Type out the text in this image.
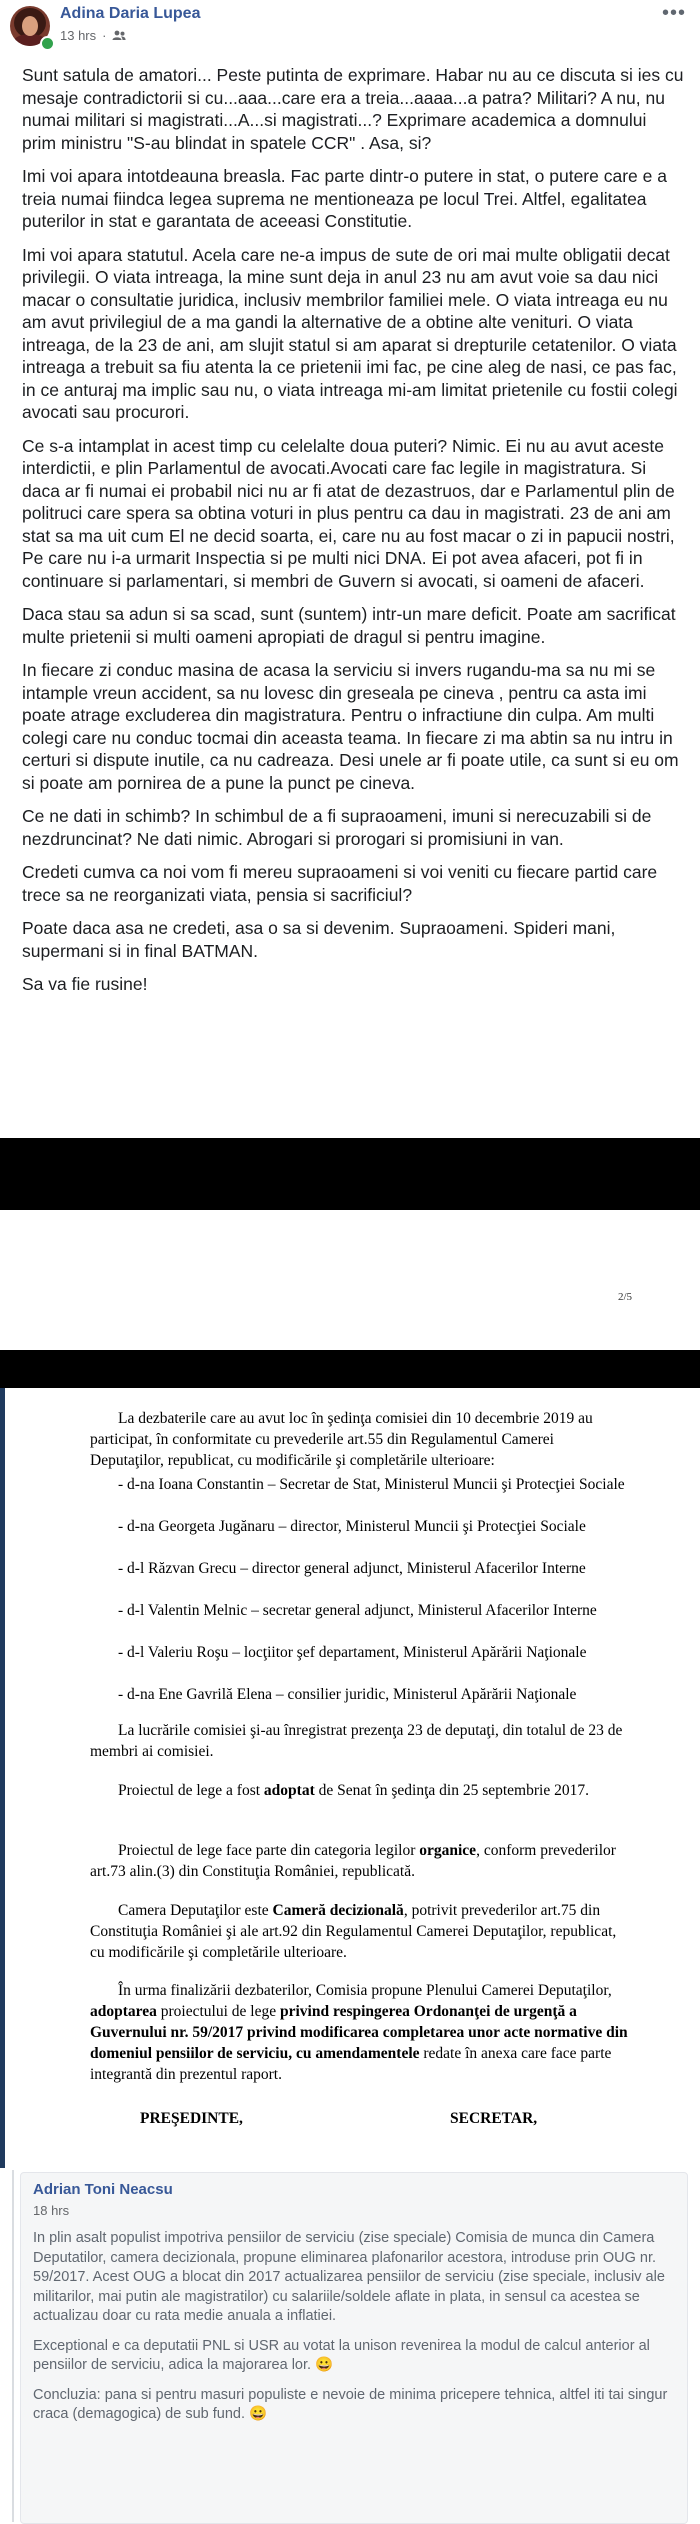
Adina Daria Lupea
13 hrs ·
•••

Sunt satula de amatori... Peste putinta de exprimare. Habar nu au ce discuta si ies cu mesaje contradictorii si cu...aaa...care era a treia...aaaa...a patra? Militari? A nu, nu numai militari si magistrati...A...si magistrati...? Exprimare academica a domnului prim ministru "S-au blindat in spatele CCR" . Asa, si?

Imi voi apara intotdeauna breasla. Fac parte dintr-o putere in stat, o putere care e a treia numai fiindca legea suprema ne mentioneaza pe locul Trei. Altfel, egalitatea puterilor in stat e garantata de aceeasi Constitutie.

Imi voi apara statutul. Acela care ne-a impus de sute de ori mai multe obligatii decat privilegii. O viata intreaga, la mine sunt deja in anul 23 nu am avut voie sa dau nici macar o consultatie juridica, inclusiv membrilor familiei mele. O viata intreaga eu nu am avut privilegiul de a ma gandi la alternative de a obtine alte venituri. O viata intreaga, de la 23 de ani, am slujit statul si am aparat si drepturile cetatenilor. O viata intreaga a trebuit sa fiu atenta la ce prietenii imi fac, pe cine aleg de nasi, ce pas fac, in ce anturaj ma implic sau nu, o viata intreaga mi-am limitat prietenile cu fostii colegi avocati sau procurori.

Ce s-a intamplat in acest timp cu celelalte doua puteri? Nimic. Ei nu au avut aceste interdictii, e plin Parlamentul de avocati.Avocati care fac legile in magistratura. Si daca ar fi numai ei probabil nici nu ar fi atat de dezastruos, dar e Parlamentul plin de politruci care spera sa obtina voturi in plus pentru ca dau in magistrati. 23 de ani am stat sa ma uit cum El ne decid soarta, ei, care nu au fost macar o zi in papucii nostri, Pe care nu i-a urmarit Inspectia si pe multi nici DNA. Ei pot avea afaceri, pot fi in continuare si parlamentari, si membri de Guvern si avocati, si oameni de afaceri.

Daca stau sa adun si sa scad, sunt (suntem) intr-un mare deficit. Poate am sacrificat multe prietenii si multi oameni apropiati de dragul si pentru imagine.

In fiecare zi conduc masina de acasa la serviciu si invers rugandu-ma sa nu mi se intample vreun accident, sa nu lovesc din greseala pe cineva , pentru ca asta imi poate atrage excluderea din magistratura. Pentru o infractiune din culpa. Am multi colegi care nu conduc tocmai din aceasta teama. In fiecare zi ma abtin sa nu intru in certuri si dispute inutile, ca nu cadreaza. Desi unele ar fi poate utile, ca sunt si eu om si poate am pornirea de a pune la punct pe cineva.

Ce ne dati in schimb? In schimbul de a fi supraoameni, imuni si nerecuzabili si de nezdruncinat? Ne dati nimic. Abrogari si prorogari si promisiuni in van.

Credeti cumva ca noi vom fi mereu supraoameni si voi veniti cu fiecare partid care trece sa ne reorganizati viata, pensia si sacrificiul?

Poate daca asa ne credeti, asa o sa si devenim. Supraoameni. Spideri mani, supermani si in final BATMAN.

Sa va fie rusine!

2/5
La dezbaterile care au avut loc în şedinţa comisiei din 10 decembrie 2019 au participat, în conformitate cu prevederile art.55 din Regulamentul Camerei Deputaţilor, republicat, cu modificările şi completările ulterioare:
- d-na Ioana Constantin – Secretar de Stat, Ministerul Muncii şi Protecţiei Sociale
- d-na Georgeta Jugănaru – director, Ministerul Muncii şi Protecţiei Sociale
- d-l Răzvan Grecu – director general adjunct, Ministerul Afacerilor Interne
- d-l Valentin Melnic – secretar general adjunct, Ministerul Afacerilor Interne
- d-l Valeriu Roşu – locţiitor şef departament, Ministerul Apărării Naţionale
- d-na Ene Gavrilă Elena – consilier juridic, Ministerul Apărării Naţionale
La lucrările comisiei şi-au înregistrat prezenţa 23 de deputaţi, din totalul de 23 de membri ai comisiei.
Proiectul de lege a fost adoptat de Senat în şedinţa din 25 septembrie 2017.
Proiectul de lege face parte din categoria legilor organice, conform prevederilor art.73 alin.(3) din Constituţia României, republicată.
Camera Deputaţilor este Cameră decizională, potrivit prevederilor art.75 din Constituţia României şi ale art.92 din Regulamentul Camerei Deputaţilor, republicat, cu modificările şi completările ulterioare.
În urma finalizării dezbaterilor, Comisia propune Plenului Camerei Deputaţilor, adoptarea proiectului de lege privind respingerea Ordonanţei de urgenţă a Guvernului nr. 59/2017 privind modificarea completarea unor acte normative din domeniul pensiilor de serviciu, cu amendamentele redate în anexa care face parte integrantă din prezentul raport.
PREŞEDINTE,	SECRETAR,
Adrian Toni Neacsu
18 hrs

In plin asalt populist impotriva pensiilor de serviciu (zise speciale) Comisia de munca din Camera Deputatilor, camera decizionala, propune eliminarea plafonarilor acestora, introduse prin OUG nr. 59/2017. Acest OUG a blocat din 2017 actualizarea pensiilor de serviciu (zise speciale, inclusiv ale militarilor, mai putin ale magistratilor) cu salariile/soldele aflate in plata, in sensul ca acestea se actualizau doar cu rata medie anuala a inflatiei.

Exceptional e ca deputatii PNL si USR au votat la unison revenirea la modul de calcul anterior al pensiilor de serviciu, adica la majorarea lor. 😀

Concluzia: pana si pentru masuri populiste e nevoie de minima pricepere tehnica, altfel iti tai singur craca (demagogica) de sub fund. 😀
